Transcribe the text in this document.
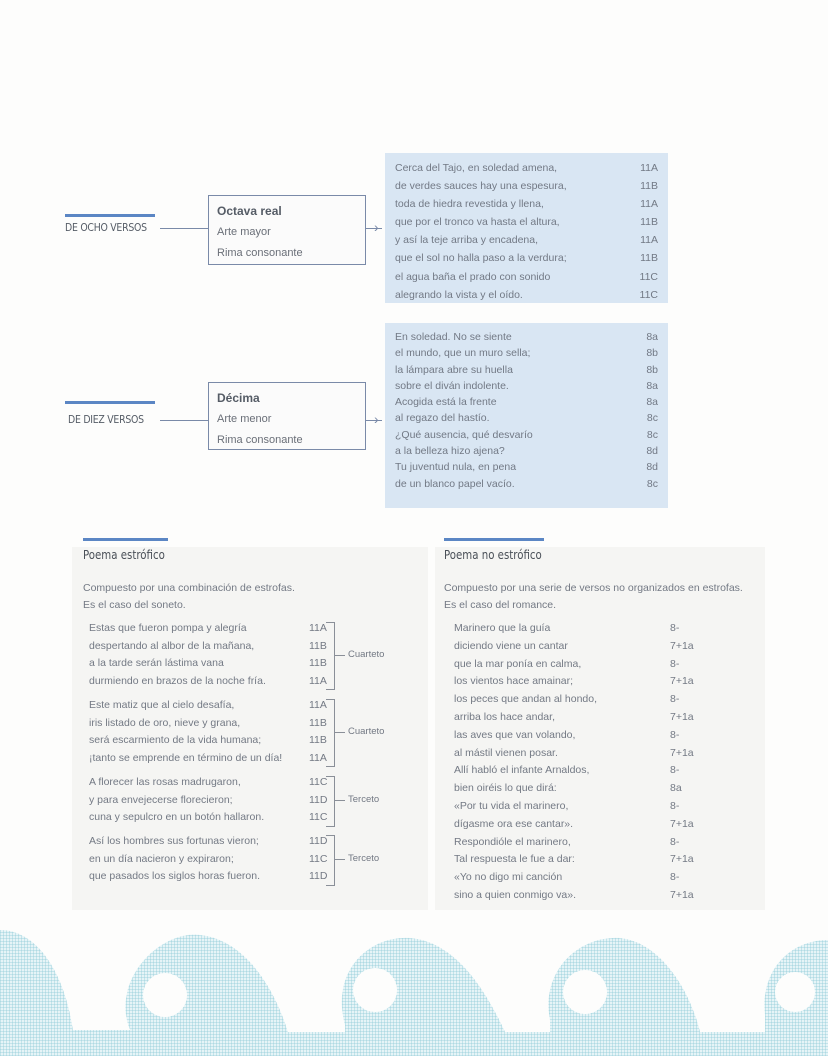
DE OCHO VERSOS
Octava real
Arte mayor
Rima consonante
›
Cerca del Tajo, en soledad amena,	11A
de verdes sauces hay una espesura,	11B
toda de hiedra revestida y llena,	11A
que por el tronco va hasta el altura,	11B
y así la teje arriba y encadena,	11A
que el sol no halla paso a la verdura;	11B
el agua baña el prado con sonido	11C
alegrando la vista y el oído.	11C
DE DIEZ VERSOS
Décima
Arte menor
Rima consonante
›
En soledad. No se siente	8a
el mundo, que un muro sella;	8b
la lámpara abre su huella	8b
sobre el diván indolente.	8a
Acogida está la frente	8a
al regazo del hastío.	8c
¿Qué ausencia, qué desvarío	8c
a la belleza hizo ajena?	8d
Tu juventud nula, en pena	8d
de un blanco papel vacío.	8c
Poema estrófico
Compuesto por una combinación de estrofas.
Es el caso del soneto.
Estas que fueron pompa y alegría	11A
despertando al albor de la mañana,	11B
a la tarde serán lástima vana	11B
durmiendo en brazos de la noche fría.	11A
Cuarteto
Este matiz que al cielo desafía,	11A
iris listado de oro, nieve y grana,	11B
será escarmiento de la vida humana;	11B
¡tanto se emprende en término de un día!	11A
Cuarteto
A florecer las rosas madrugaron,	11C
y para envejecerse florecieron;	11D
cuna y sepulcro en un botón hallaron.	11C
Terceto
Así los hombres sus fortunas vieron;	11D
en un día nacieron y expiraron;	11C
que pasados los siglos horas fueron.	11D
Terceto
Poema no estrófico
Compuesto por una serie de versos no organizados en estrofas.
Es el caso del romance.
Marinero que la guía	8-
diciendo viene un cantar	7+1a
que la mar ponía en calma,	8-
los vientos hace amainar;	7+1a
los peces que andan al hondo,	8-
arriba los hace andar,	7+1a
las aves que van volando,	8-
al mástil vienen posar.	7+1a
Allí habló el infante Arnaldos,	8-
bien oiréis lo que dirá:	8a
«Por tu vida el marinero,	8-
dígasme ora ese cantar».	7+1a
Respondióle el marinero,	8-
Tal respuesta le fue a dar:	7+1a
«Yo no digo mi canción	8-
sino a quien conmigo va».	7+1a
